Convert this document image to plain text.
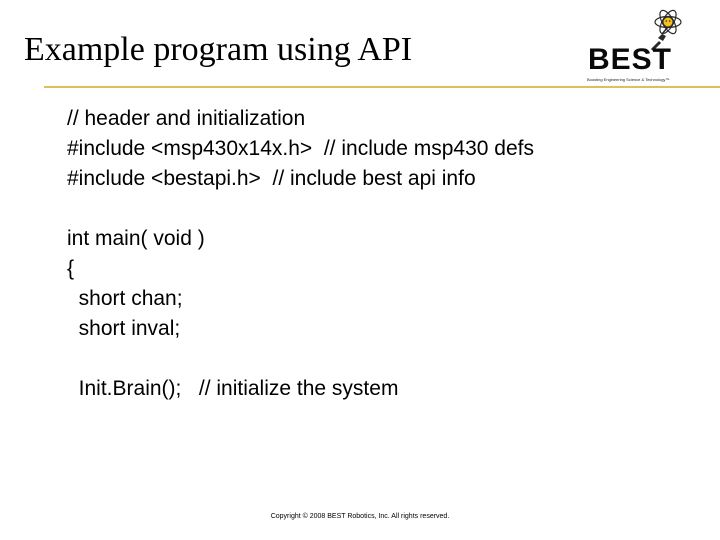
Example program using API	BEST
Boosting Engineering Science & Technology™
// header and initialization
#include <msp430x14x.h>  // include msp430 defs
#include <bestapi.h>  // include best api info
int main( void )
{
short chan;
short inval;
Init.Brain();   // initialize the system
Copyright © 2008 BEST Robotics, Inc. All rights reserved.
